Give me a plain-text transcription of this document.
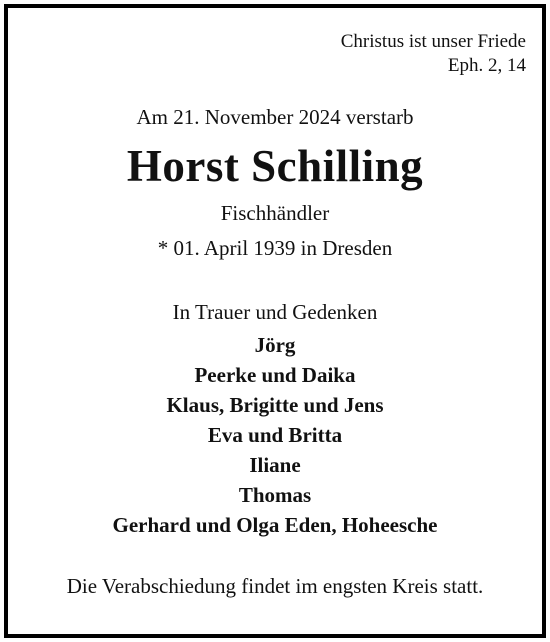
Christus ist unser Friede
Eph. 2, 14
Am 21. November 2024 verstarb
Horst Schilling
Fischhändler
* 01. April 1939 in Dresden
In Trauer und Gedenken
Jörg
Peerke und Daika
Klaus, Brigitte und Jens
Eva und Britta
Iliane
Thomas
Gerhard und Olga Eden, Hoheesche
Die Verabschiedung findet im engsten Kreis statt.
